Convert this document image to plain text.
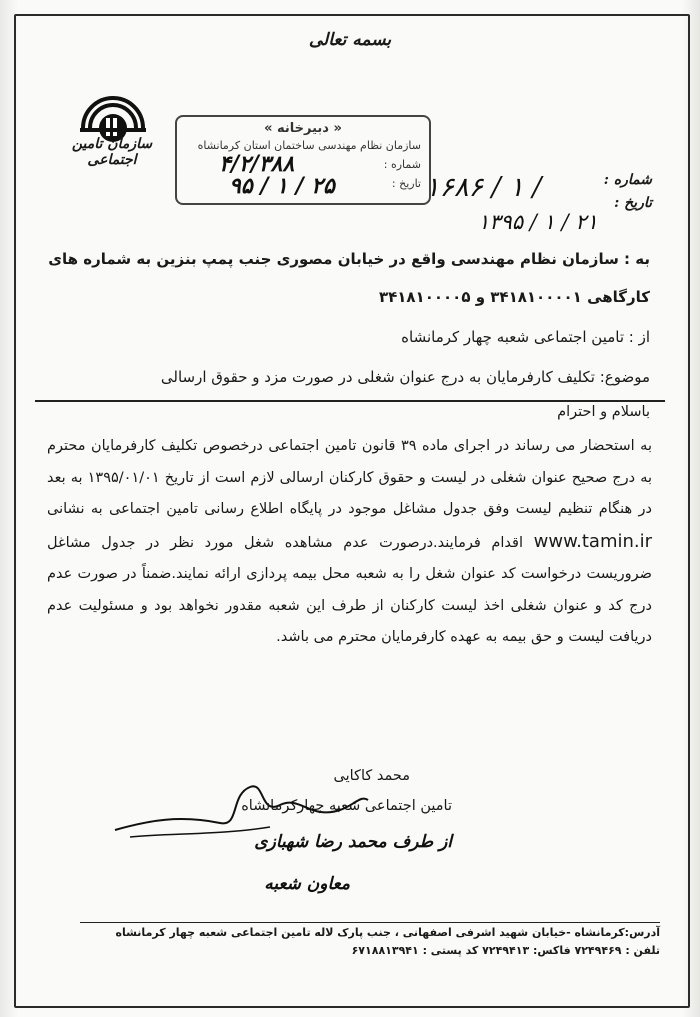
بسمه تعالی
سازمان تامین اجتماعی
« دبیرخانه »
سازمان نظام مهندسی ساختمان استان کرمانشاه
شماره :
تاریخ :
۴/۲/۳۸۸
۹۵ / ۱ / ۲۵	شماره :
تاریخ :
۱۶۸۶ / ۱ /
۱۳۹۵ / ۱ / ۲۱
به : سازمان نظام مهندسی واقع در خیابان مصوری جنب پمپ بنزین به شماره های
کارگاهی ۳۴۱۸۱۰۰۰۰۱ و ۳۴۱۸۱۰۰۰۰۵
از : تامین اجتماعی شعبه چهار کرمانشاه
موضوع: تکلیف کارفرمایان به درج عنوان شغلی در صورت مزد و حقوق ارسالی
باسلام و احترام
به استحضار می رساند در اجرای ماده ۳۹ قانون تامین اجتماعی درخصوص تکلیف کارفرمایان محترم به درج صحیح عنوان شغلی در لیست و حقوق کارکنان ارسالی لازم است از تاریخ ۱۳۹۵/۰۱/۰۱ به بعد در هنگام تنظیم لیست وفق جدول مشاغل موجود در پایگاه اطلاع رسانی تامین اجتماعی به نشانی www.tamin.ir اقدام فرمایند.درصورت عدم مشاهده شغل مورد نظر در جدول مشاغل ضروریست درخواست کد عنوان شغل را به شعبه محل بیمه پردازی ارائه نمایند.ضمناً در صورت عدم درج کد و عنوان شغلی اخذ لیست کارکنان از طرف این شعبه مقدور نخواهد بود و مسئولیت عدم دریافت لیست و حق بیمه به عهده کارفرمایان محترم می باشد.
محمد کاکایی
تامین اجتماعی شعبه چهارکرمانشاه
از طرف محمد رضا شهبازی
معاون شعبه
آدرس:کرمانشاه -خیابان شهید اشرفی اصفهانی ، جنب پارک لاله تامین اجتماعی شعبه چهار کرمانشاه
تلفن : ۷۲۴۹۴۶۹ فاکس: ۷۲۴۹۴۱۳ کد پستی : ۶۷۱۸۸۱۳۹۴۱
